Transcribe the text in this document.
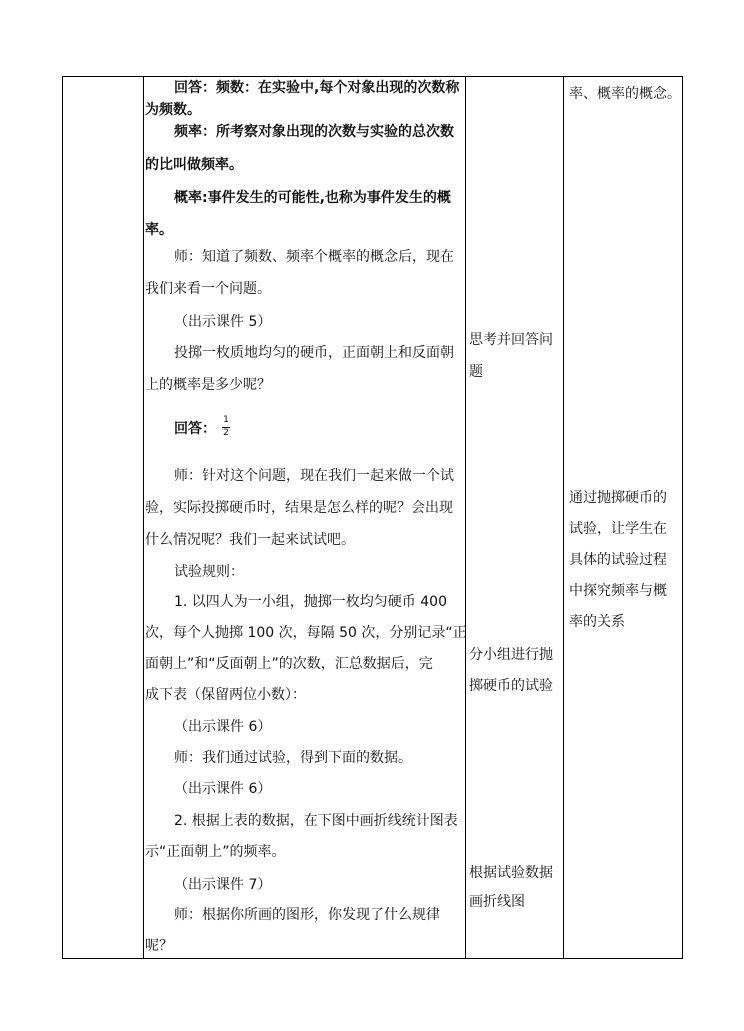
回答：频数：在实验中,每个对象出现的次数称
为频数。
频率：所考察对象出现的次数与实验的总次数
的比叫做频率。
概率:事件发生的可能性,也称为事件发生的概
率。
师：知道了频数、频率个概率的概念后，现在
我们来看一个问题。
（出示课件 5）
投掷一枚质地均匀的硬币，正面朝上和反面朝
上的概率是多少呢？
回答：
1
2
师：针对这个问题，现在我们一起来做一个试
验，实际投掷硬币时，结果是怎么样的呢？会出现
什么情况呢？我们一起来试试吧。
试验规则：
1. 以四人为一小组，抛掷一枚均匀硬币 400
次，每个人抛掷 100 次，每隔 50 次，分别记录“正
面朝上”和“反面朝上”的次数，汇总数据后，完
成下表（保留两位小数）：
（出示课件 6）
师：我们通过试验，得到下面的数据。
（出示课件 6）
2. 根据上表的数据，在下图中画折线统计图表
示“正面朝上”的频率。
（出示课件 7）
师：根据你所画的图形，你发现了什么规律
呢？
思考并回答问
题
分小组进行抛
掷硬币的试验
根据试验数据
画折线图
率、概率的概念。
通过抛掷硬币的
试验，让学生在
具体的试验过程
中探究频率与概
率的关系
